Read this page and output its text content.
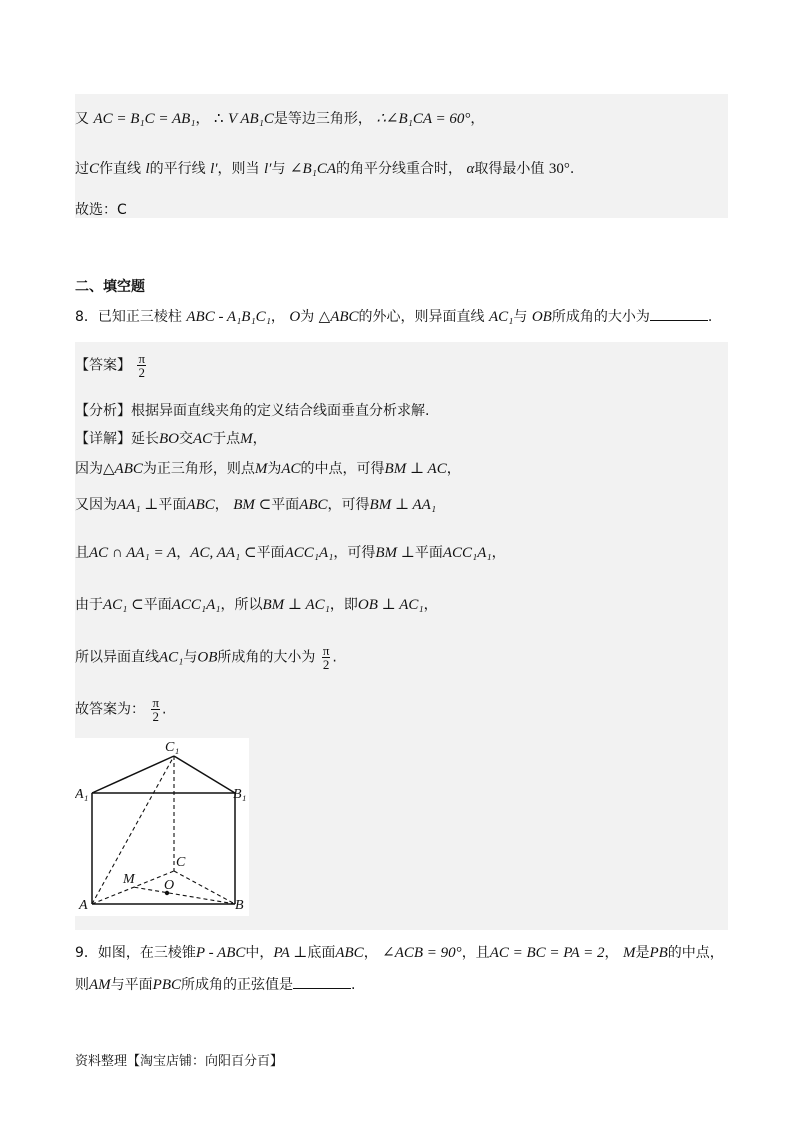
又 AC = B₁C = AB₁， ∴ V AB₁C是等边三角形， ∴∠B₁CA = 60°，
过C作直线 l的平行线 l′，则当 l′与 ∠B₁CA的角平分线重合时， α取得最小值 30°.
故选：C
二、填空题
8．已知正三棱柱 ABC - A₁B₁C₁， O为 △ABC的外心，则异面直线 AC₁与 OB所成角的大小为	.
【答案】 $\frac{\pi}{2}$
【分析】根据异面直线夹角的定义结合线面垂直分析求解.
【详解】延长BO交AC于点M，
因为△ABC为正三角形，则点M为AC的中点，可得BM ⊥ AC，
又因为AA₁ ⊥平面ABC， BM ⊂平面ABC，可得BM ⊥ AA₁
且AC ∩ AA₁ = A，AC, AA₁ ⊂平面ACC₁A₁，可得BM ⊥平面ACC₁A₁，
由于AC₁ ⊂平面ACC₁A₁，所以BM ⊥ AC₁，即OB ⊥ AC₁，
所以异面直线AC₁与OB所成角的大小为 $\frac{\pi}{2}$ .
故答案为： $\frac{\pi}{2}$ .
C₁
A₁	B₁
C
M O
A	B
9．如图，在三棱锥P - ABC中，PA ⊥底面ABC， ∠ACB = 90°，且AC = BC = PA = 2， M是PB的中点，
则AM与平面PBC所成角的正弦值是	.
资料整理【淘宝店铺：向阳百分百】
